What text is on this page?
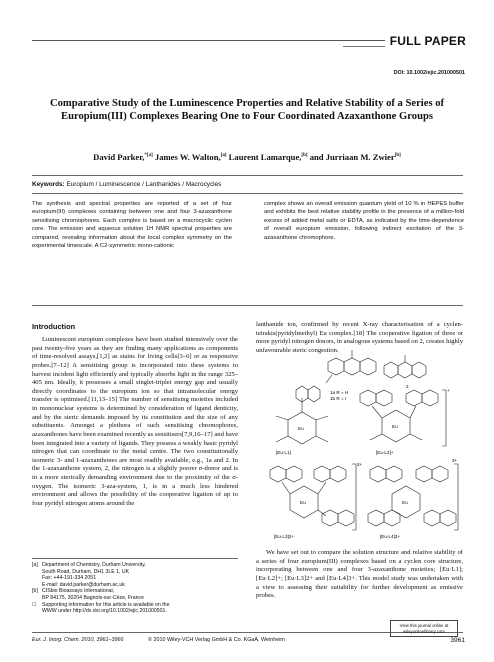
FULL PAPER
DOI: 10.1002/ejic.201000501
Comparative Study of the Luminescence Properties and Relative Stability of a Series of Europium(III) Complexes Bearing One to Four Coordinated Azaxanthone Groups
David Parker,$^{*[a]}$ James W. Walton,[a] Laurent Lamarque,[b] and Jurriaan M. Zwier[b]
Keywords: Europium / Luminescence / Lanthanides / Macrocycles
The synthesis and spectral properties are reported of a set of four europium(III) complexes containing between one and four 3-azaxanthone sensitising chromophores. Each complex is based on a macrocyclic cyclen core. The emission and aqueous solution 1H NMR spectral properties are compared, revealing information about the local complex symmetry on the experimental timescale. A C2-symmetric mono-cationic
complex shows an overall emission quantum yield of 10 % in HEPES buffer and exhibits the best relative stability profile in the presence of a million-fold excess of added metal salts or EDTA, as indicated by the time-dependence of overall europium emission, following indirect excitation of the 3-azaxanthone chromophore.
Introduction
Luminescent europium complexes have been studied intensively over the past twenty-five years as they are finding many applications as components of time-resolved assays,[1,2] as stains for living cells[3–6] or as responsive probes.[7–12] A sensitising group is incorporated into these systems to harvest incident light efficiently and typically absorbs light in the range 325–405 nm. Ideally, it possesses a small singlet-triplet energy gap and usually directly coordinates to the europium ion so that intramolecular energy transfer is optimised.[11,13–15] The number of sensitising moieties included in mononuclear systems is determined by consideration of ligand denticity, and by the steric demands imposed by its constitution and the size of any substituents. Amongst a plethora of such sensitising chromophores, azaxanthones have been examined recently as sensitisers[7,9,16–17] and have been integrated into a variety of ligands. They possess a weakly basic pyridyl nitrogen that can coordinate to the metal centre. The two constitutionally isomeric 3- and 1-azaxanthones are most readily available, e.g., 1a and 2. In the 1-azaxanthone system, 2, the nitrogen is a slightly poorer σ-donor and is in a more sterically demanding environment due to the proximity of the σ-oxygen. The isomeric 3-aza-system, 1, is in a much less hindered environment and allows the possibility of the cooperative ligation of up to four pyridyl nitrogen atoms around the
lanthanide ion, confirmed by recent X-ray characterisation of a cyclen-tetrakis(pyridylmethyl) Eu complex.[18] The cooperative ligation of three or more pyridyl nitrogen donors, in analogous systems based on 2, creates highly unfavourable steric congestion.
Eu	Eu
Eu	Eu
1a R = H
1b R = I
2
[Eu·L1]	[Eu·L2]+
[Eu·L3]2+	[Eu·L4]3+
+
2+
3+
We have set out to compare the solution structure and relative stability of a series of four europium(III) complexes based on a cyclen core structure, incorporating between one and four 3-azaxanthone moieties; [Eu·L1]; [Eu·L2]+; [Eu·L3]2+ and [Eu·L4]3+. This model study was undertaken with a view to assessing their suitability for further development as emissive probes.
[a] Department of Chemistry, Durham University,
South Road, Durham, DH1 3LE 1, UK
Fax: +44-191-334 2051
E-mail: david.parker@durham.ac.uk
[b] CISbio Bioassays International,
BP 84175, 30204 Bagnols-sur-Cèze, France
☐	Supporting information for this article is available on the
WWW under http://dx.doi.org/10.1002/ejic.201000501.
View this journal online at
wileyonlinelibrary.com
Eur. J. Inorg. Chem. 2010, 3961–3966	© 2010 Wiley-VCH Verlag GmbH & Co. KGaA, Weinheim	3961
